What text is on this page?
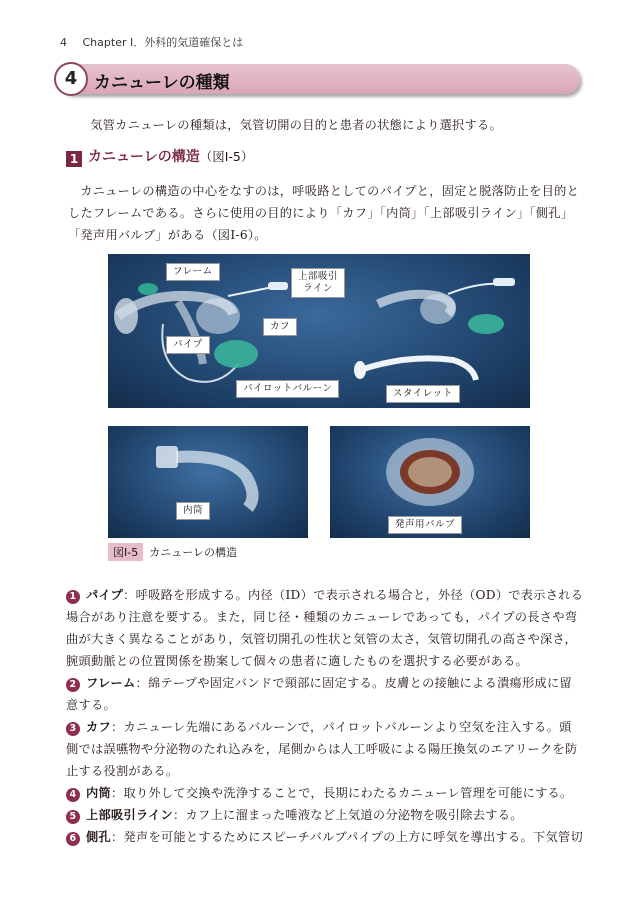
4 Chapter Ⅰ．外科的気道確保とは
4 カニューレの種類

気管カニューレの種類は，気管切開の目的と患者の状態により選択する。

1 カニューレの構造（図Ⅰ-5）

カニューレの構造の中心をなすのは，呼吸路としてのパイプと，固定と脱落防止を目的としたフレームである。さらに使用の目的により「カフ」「内筒」「上部吸引ライン」「側孔」「発声用バルブ」がある（図Ⅰ-6）。

フレーム	上部吸引
ライン
カフ
パイプ
パイロットバルーン	スタイレット
内筒
発声用バルブ
図Ⅰ-5 カニューレの構造

1 パイプ：呼吸路を形成する。内径（ID）で表示される場合と，外径（OD）で表示される場合があり注意を要する。また，同じ径・種類のカニューレであっても，パイプの長さや弯曲が大きく異なることがあり，気管切開孔の性状と気管の太さ，気管切開孔の高さや深さ，腕頭動脈との位置関係を勘案して個々の患者に適したものを選択する必要がある。

2 フレーム：綿テープや固定バンドで頸部に固定する。皮膚との接触による潰瘍形成に留意する。

3 カフ：カニューレ先端にあるバルーンで，パイロットバルーンより空気を注入する。頭側では誤嚥物や分泌物のたれ込みを，尾側からは人工呼吸による陽圧換気のエアリークを防止する役割がある。

4 内筒：取り外して交換や洗浄することで，長期にわたるカニューレ管理を可能にする。

5 上部吸引ライン：カフ上に溜まった唾液など上気道の分泌物を吸引除去する。

6 側孔：発声を可能とするためにスピーチバルブパイプの上方に呼気を導出する。下気管切
